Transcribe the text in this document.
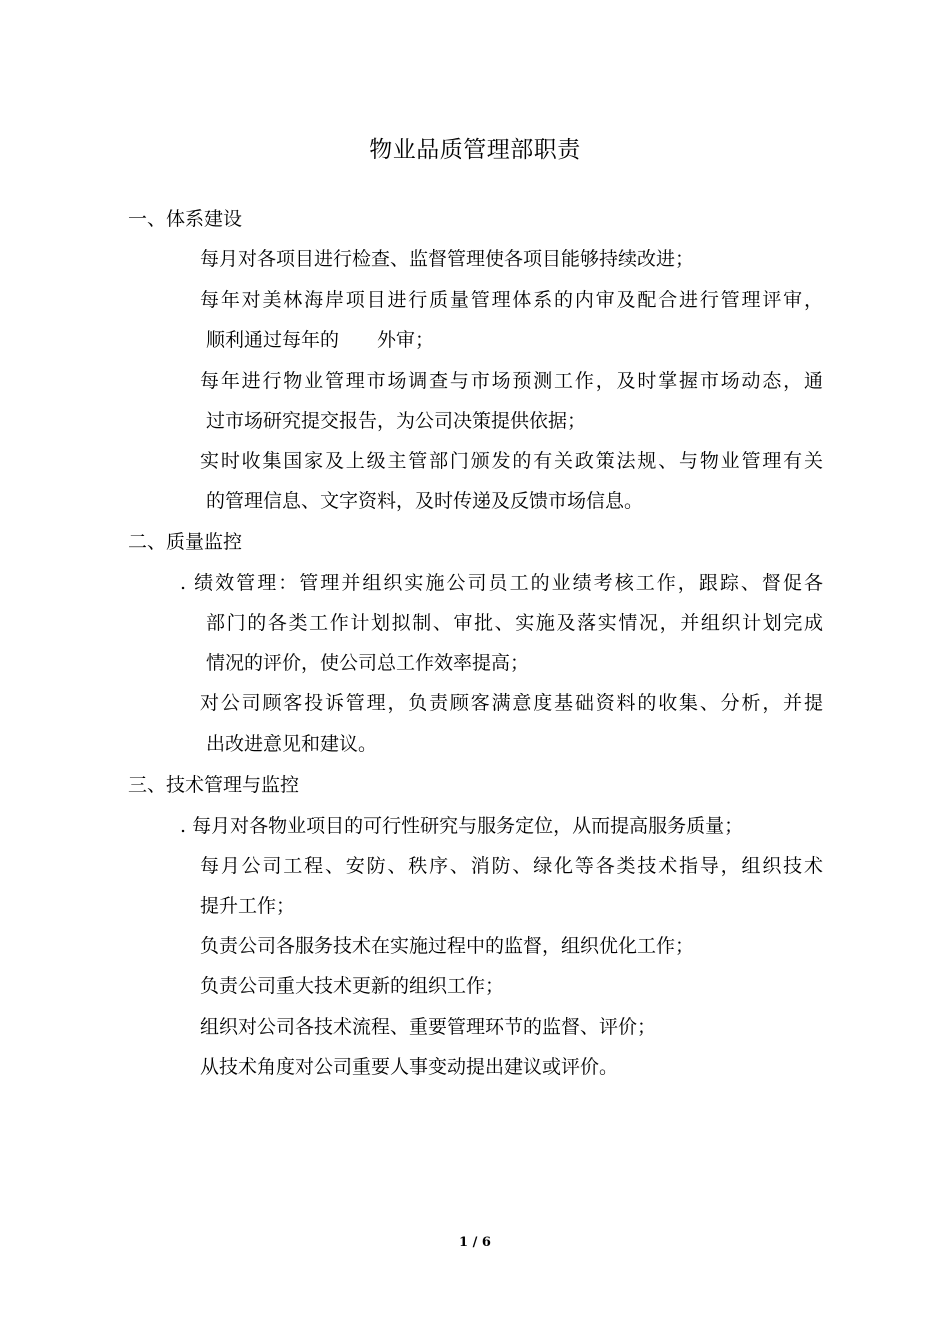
物业品质管理部职责
一、体系建设
每月对各项目进行检查、监督管理使各项目能够持续改进；
每年对美林海岸项目进行质量管理体系的内审及配合进行管理评审，
顺利通过每年的　　外审；
每年进行物业管理市场调查与市场预测工作，及时掌握市场动态，通
过市场研究提交报告，为公司决策提供依据；
实时收集国家及上级主管部门颁发的有关政策法规、与物业管理有关
的管理信息、文字资料，及时传递及反馈市场信息。
二、质量监控
. 绩效管理：管理并组织实施公司员工的业绩考核工作，跟踪、督促各
部门的各类工作计划拟制、审批、实施及落实情况，并组织计划完成
情况的评价，使公司总工作效率提高；
对公司顾客投诉管理，负责顾客满意度基础资料的收集、分析，并提
出改进意见和建议。
三、技术管理与监控
. 每月对各物业项目的可行性研究与服务定位，从而提高服务质量；
每月公司工程、安防、秩序、消防、绿化等各类技术指导，组织技术
提升工作；
负责公司各服务技术在实施过程中的监督，组织优化工作；
负责公司重大技术更新的组织工作；
组织对公司各技术流程、重要管理环节的监督、评价；
从技术角度对公司重要人事变动提出建议或评价。
1 / 6
